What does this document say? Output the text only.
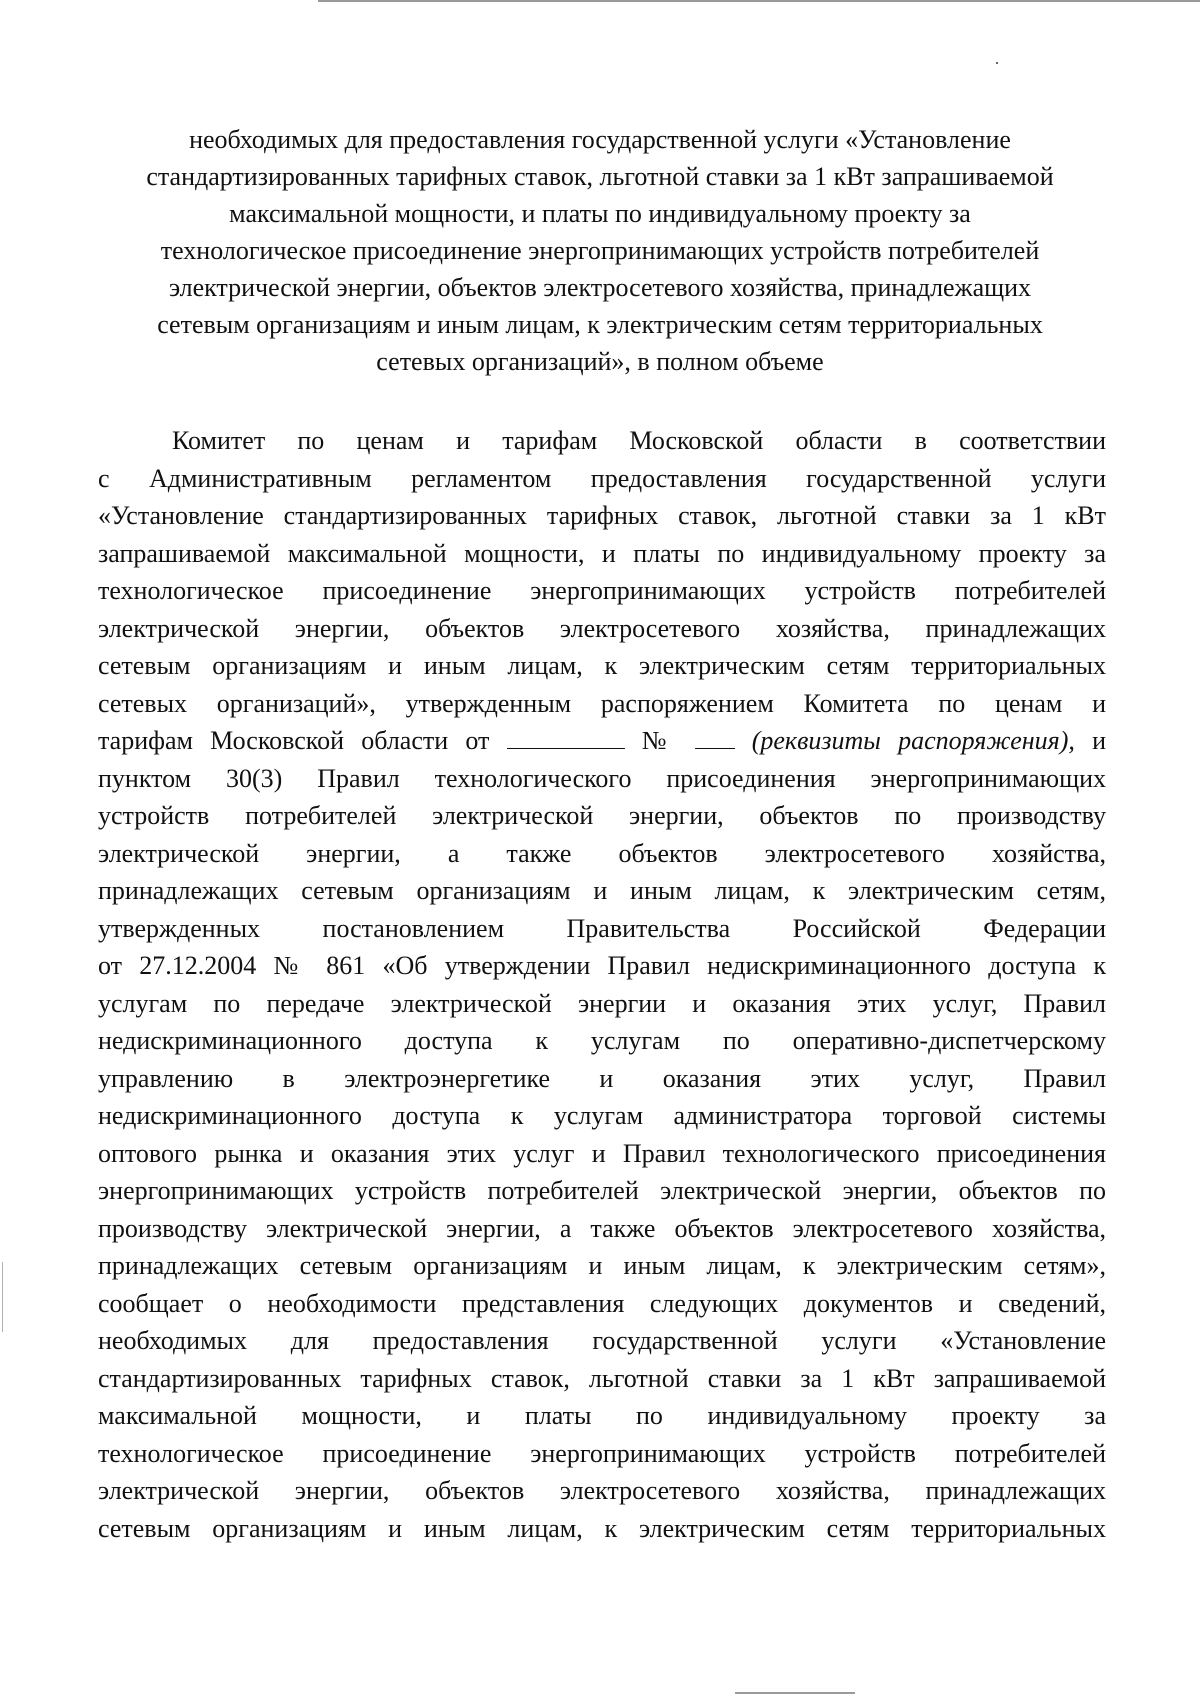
необходимых для предоставления государственной услуги «Установление
стандартизированных тарифных ставок, льготной ставки за 1 кВт запрашиваемой
максимальной мощности, и платы по индивидуальному проекту за
технологическое присоединение энергопринимающих устройств потребителей
электрической энергии, объектов электросетевого хозяйства, принадлежащих
сетевым организациям и иным лицам, к электрическим сетям территориальных
сетевых организаций», в полном объеме
Комитет по ценам и тарифам Московской области в соответствии
с Административным регламентом предоставления государственной услуги
«Установление стандартизированных тарифных ставок, льготной ставки за 1 кВт
запрашиваемой максимальной мощности, и платы по индивидуальному проекту за
технологическое присоединение энергопринимающих устройств потребителей
электрической энергии, объектов электросетевого хозяйства, принадлежащих
сетевым организациям и иным лицам, к электрическим сетям территориальных
сетевых организаций», утвержденным распоряжением Комитета по ценам и
тарифам Московской области от	№	(реквизиты распоряжения), и
пунктом 30(3) Правил технологического присоединения энергопринимающих
устройств потребителей электрической энергии, объектов по производству
электрической энергии, а также объектов электросетевого хозяйства,
принадлежащих сетевым организациям и иным лицам, к электрическим сетям,
утвержденных постановлением Правительства Российской Федерации
от 27.12.2004 № 861 «Об утверждении Правил недискриминационного доступа к
услугам по передаче электрической энергии и оказания этих услуг, Правил
недискриминационного доступа к услугам по оперативно-диспетчерскому
управлению в электроэнергетике и оказания этих услуг, Правил
недискриминационного доступа к услугам администратора торговой системы
оптового рынка и оказания этих услуг и Правил технологического присоединения
энергопринимающих устройств потребителей электрической энергии, объектов по
производству электрической энергии, а также объектов электросетевого хозяйства,
принадлежащих сетевым организациям и иным лицам, к электрическим сетям»,
сообщает о необходимости представления следующих документов и сведений,
необходимых для предоставления государственной услуги «Установление
стандартизированных тарифных ставок, льготной ставки за 1 кВт запрашиваемой
максимальной мощности, и платы по индивидуальному проекту за
технологическое присоединение энергопринимающих устройств потребителей
электрической энергии, объектов электросетевого хозяйства, принадлежащих
сетевым организациям и иным лицам, к электрическим сетям территориальных
